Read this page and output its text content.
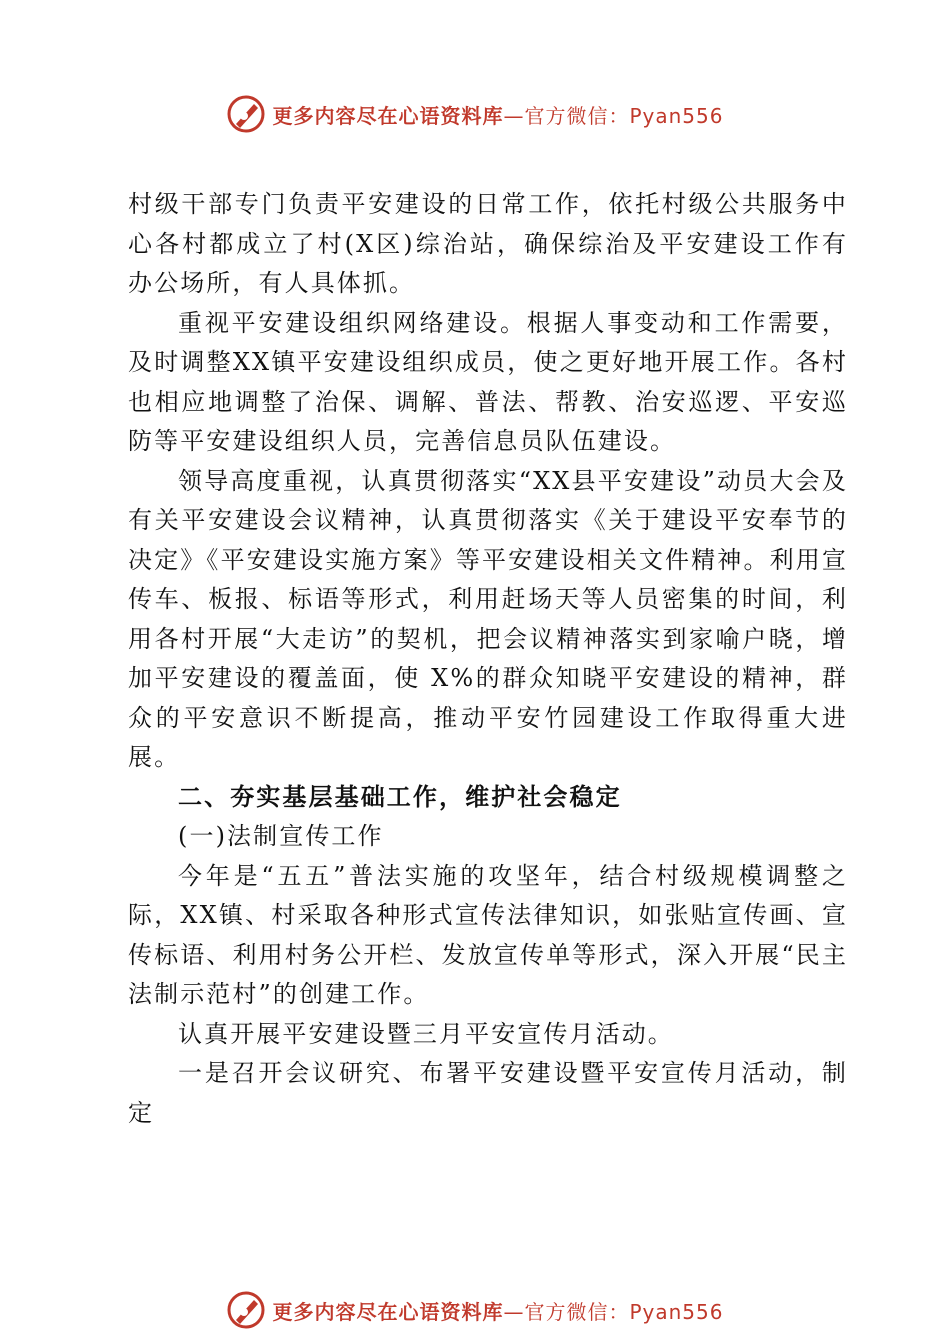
更多内容尽在心语资料库—官方微信：Pyan556

村级干部专门负责平安建设的日常工作，依托村级公共服务中心各村都成立了村(X区)综治站，确保综治及平安建设工作有办公场所，有人具体抓。

重视平安建设组织网络建设。根据人事变动和工作需要，及时调整XX镇平安建设组织成员，使之更好地开展工作。各村也相应地调整了治保、调解、普法、帮教、治安巡逻、平安巡防等平安建设组织人员，完善信息员队伍建设。

领导高度重视，认真贯彻落实“XX县平安建设”动员大会及有关平安建设会议精神，认真贯彻落实《关于建设平安奉节的决定》《平安建设实施方案》等平安建设相关文件精神。利用宣传车、板报、标语等形式，利用赶场天等人员密集的时间，利用各村开展“大走访”的契机，把会议精神落实到家喻户晓，增加平安建设的覆盖面，使 X%的群众知晓平安建设的精神，群众的平安意识不断提高，推动平安竹园建设工作取得重大进展。

二、夯实基层基础工作，维护社会稳定

(一)法制宣传工作

今年是“五五”普法实施的攻坚年，结合村级规模调整之际，XX镇、村采取各种形式宣传法律知识，如张贴宣传画、宣传标语、利用村务公开栏、发放宣传单等形式，深入开展“民主法制示范村”的创建工作。

认真开展平安建设暨三月平安宣传月活动。

一是召开会议研究、布署平安建设暨平安宣传月活动，制定

更多内容尽在心语资料库—官方微信：Pyan556
